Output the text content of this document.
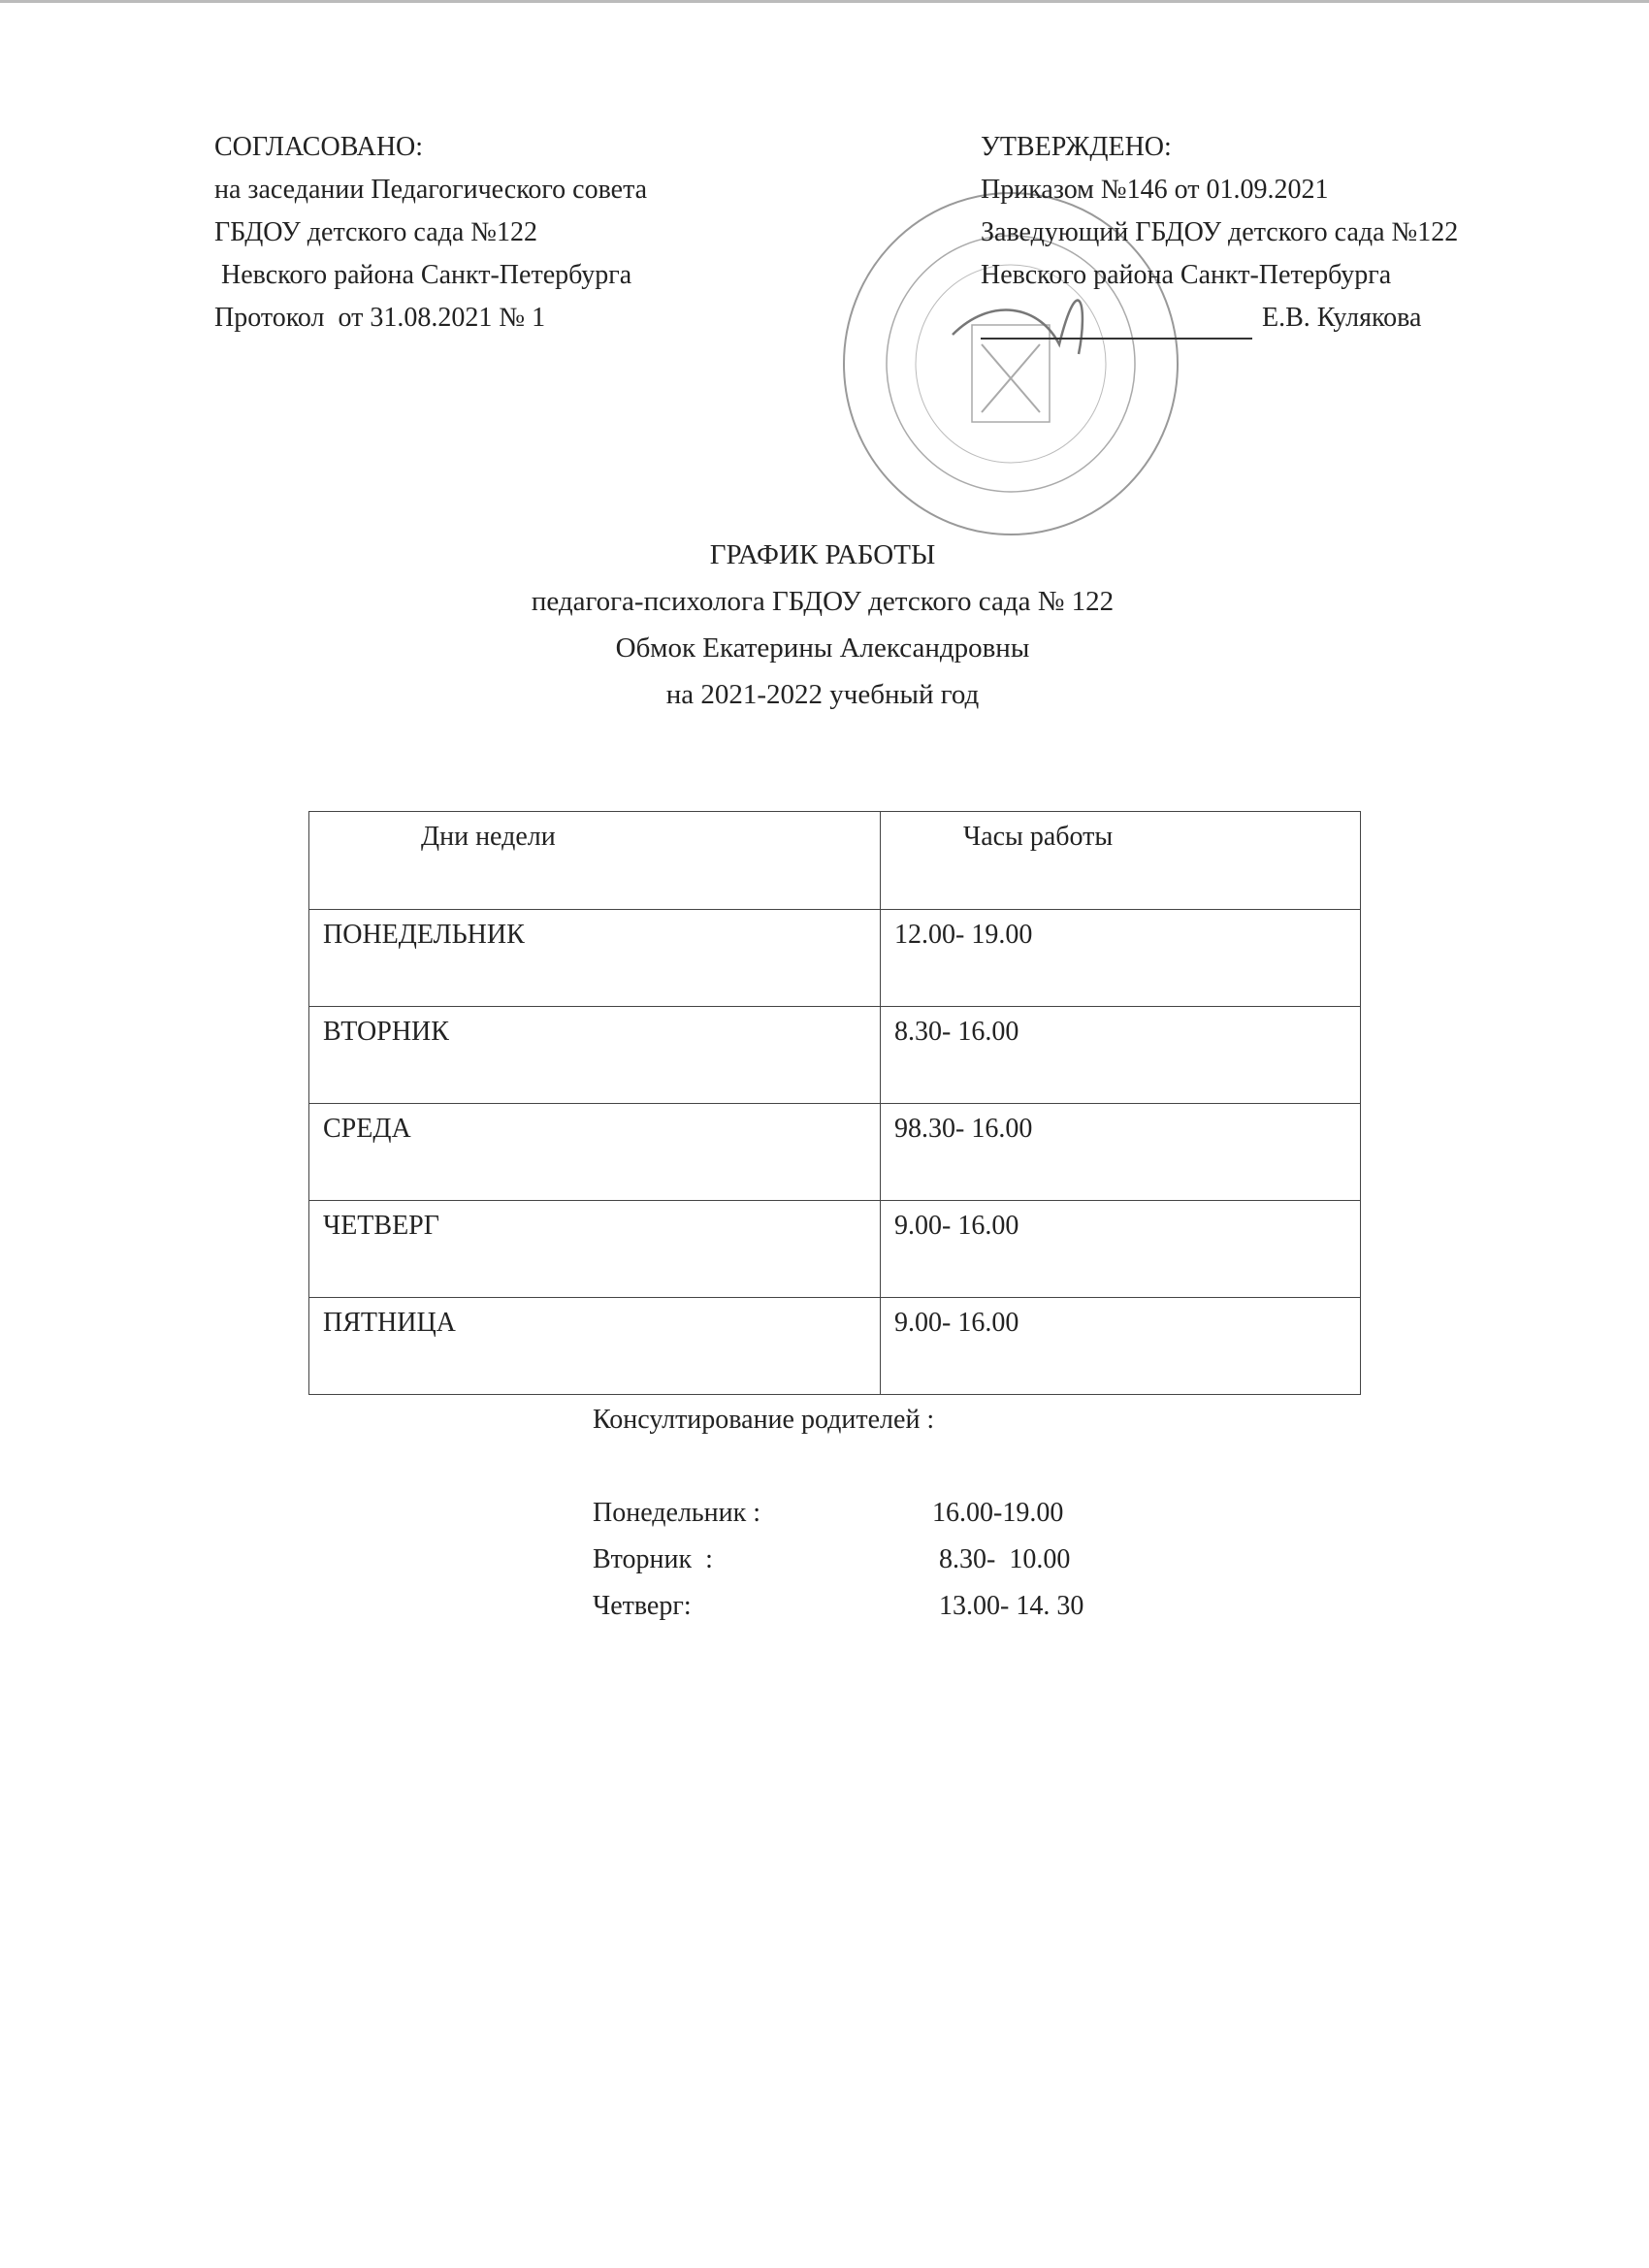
СОГЛАСОВАНО:
на заседании Педагогического совета
ГБДОУ детского сада №122
Невского района Санкт-Петербурга
Протокол  от 31.08.2021 № 1
УТВЕРЖДЕНО:
Приказом №146 от 01.09.2021
Заведующий ГБДОУ детского сада №122
Невского района Санкт-Петербурга
Е.В. Кулякова
ГРАФИК РАБОТЫ
педагога-психолога ГБДОУ детского сада № 122
Обмок Екатерины Александровны
на 2021-2022 учебный год
Дни недели	Часы работы
ПОНЕДЕЛЬНИК	12.00- 19.00
ВТОРНИК	8.30- 16.00
СРЕДА	98.30- 16.00
ЧЕТВЕРГ	9.00- 16.00
ПЯТНИЦА	9.00- 16.00
Консултирование родителей :
Понедельник :	16.00-19.00
Вторник  :	8.30-  10.00
Четверг:	13.00- 14. 30
